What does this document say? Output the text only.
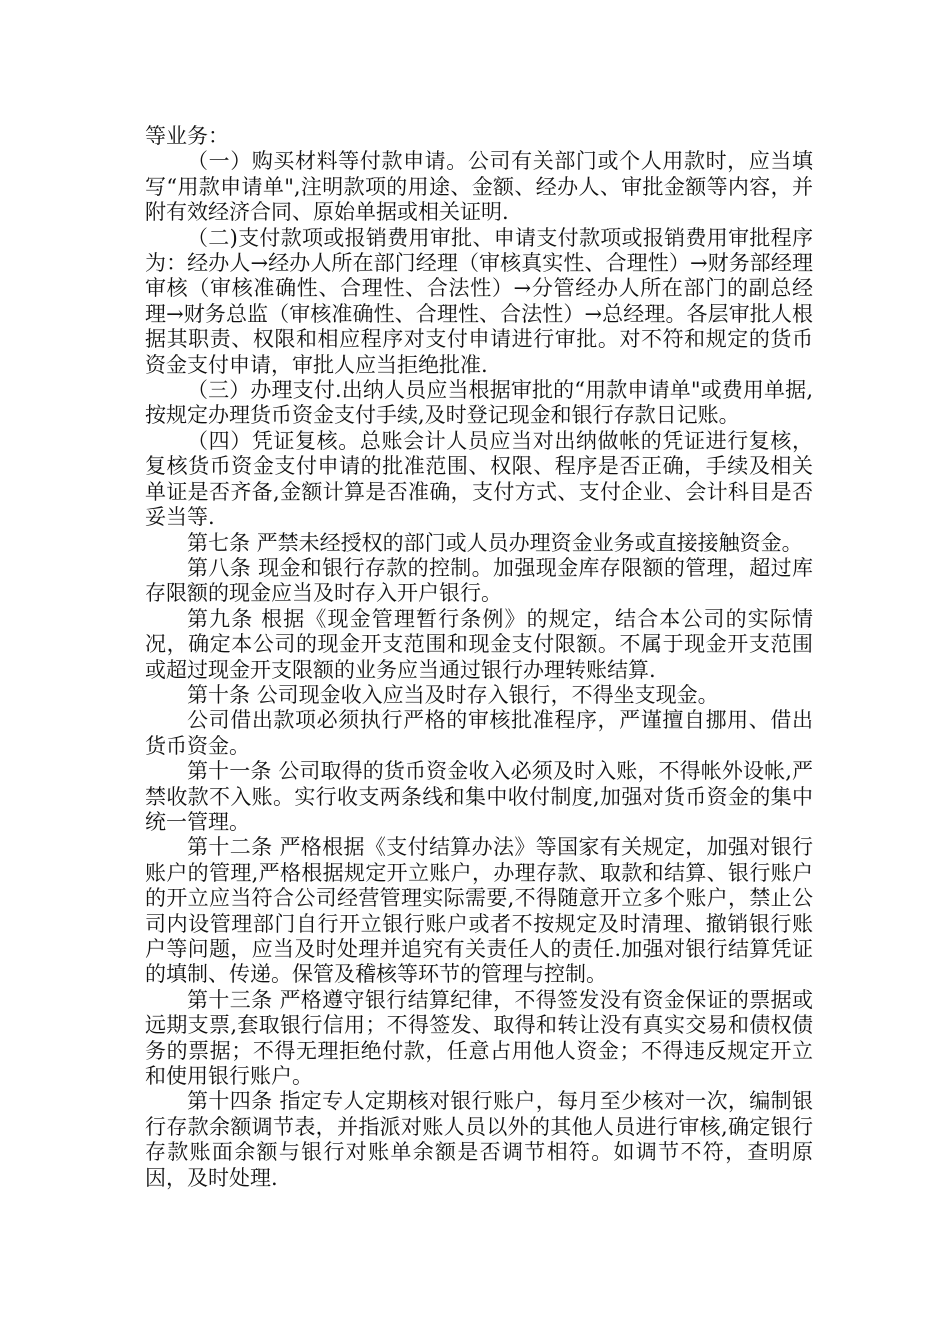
等业务：

（一）购买材料等付款申请。公司有关部门或个人用款时，应当填写“用款申请单",注明款项的用途、金额、经办人、审批金额等内容，并附有效经济合同、原始单据或相关证明.

（二)支付款项或报销费用审批、申请支付款项或报销费用审批程序为：经办人→经办人所在部门经理（审核真实性、合理性）→财务部经理审核（审核准确性、合理性、合法性）→分管经办人所在部门的副总经理→财务总监（审核准确性、合理性、合法性）→总经理。各层审批人根据其职责、权限和相应程序对支付申请进行审批。对不符和规定的货币资金支付申请，审批人应当拒绝批准.

（三）办理支付.出纳人员应当根据审批的“用款申请单"或费用单据,按规定办理货币资金支付手续,及时登记现金和银行存款日记账。

（四）凭证复核。总账会计人员应当对出纳做帐的凭证进行复核，复核货币资金支付申请的批准范围、权限、程序是否正确，手续及相关单证是否齐备,金额计算是否准确，支付方式、支付企业、会计科目是否妥当等.

第七条 严禁未经授权的部门或人员办理资金业务或直接接触资金。

第八条 现金和银行存款的控制。加强现金库存限额的管理，超过库存限额的现金应当及时存入开户银行。

第九条 根据《现金管理暂行条例》的规定，结合本公司的实际情况，确定本公司的现金开支范围和现金支付限额。不属于现金开支范围或超过现金开支限额的业务应当通过银行办理转账结算.

第十条 公司现金收入应当及时存入银行，不得坐支现金。

公司借出款项必须执行严格的审核批准程序，严谨擅自挪用、借出货币资金。

第十一条 公司取得的货币资金收入必须及时入账，不得帐外设帐,严禁收款不入账。实行收支两条线和集中收付制度,加强对货币资金的集中统一管理。

第十二条 严格根据《支付结算办法》等国家有关规定，加强对银行账户的管理,严格根据规定开立账户，办理存款、取款和结算、银行账户的开立应当符合公司经营管理实际需要,不得随意开立多个账户，禁止公司内设管理部门自行开立银行账户或者不按规定及时清理、撤销银行账户等问题，应当及时处理并追究有关责任人的责任.加强对银行结算凭证的填制、传递。保管及稽核等环节的管理与控制。

第十三条 严格遵守银行结算纪律，不得签发没有资金保证的票据或远期支票,套取银行信用；不得签发、取得和转让没有真实交易和债权债务的票据；不得无理拒绝付款，任意占用他人资金；不得违反规定开立和使用银行账户。

第十四条 指定专人定期核对银行账户，每月至少核对一次，编制银行存款余额调节表，并指派对账人员以外的其他人员进行审核,确定银行存款账面余额与银行对账单余额是否调节相符。如调节不符，查明原因，及时处理.
